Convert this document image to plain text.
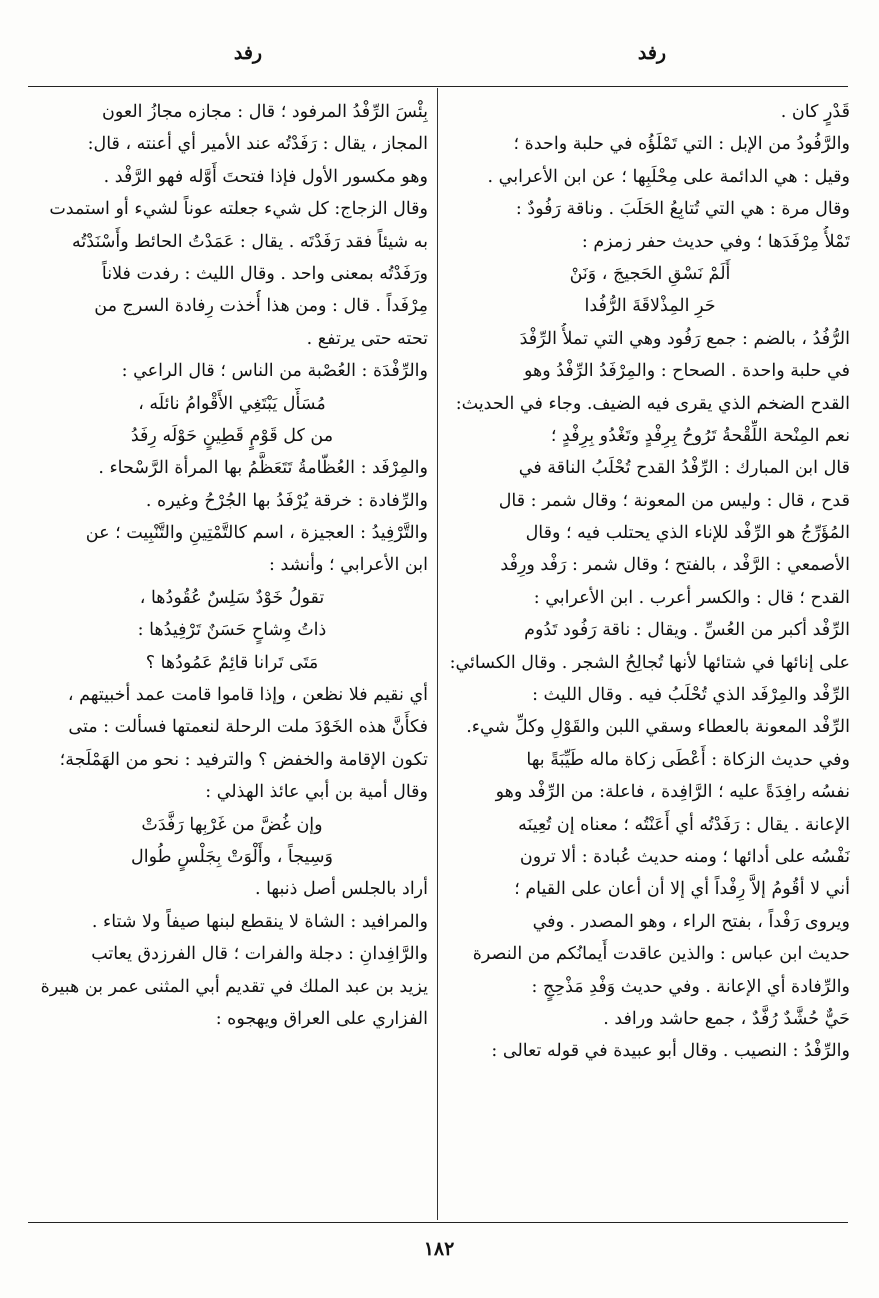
رفد
رفد
قَدْرٍ كان .
والرَّفُودُ من الإبل : التي تَمْلَؤُه في حلبة واحدة ؛
وقيل : هي الدائمة على مِحْلَبِها ؛ عن ابن الأعرابي .
وقال مرة : هي التي تُتابِعُ الحَلَبَ . وناقة رَفُودٌ :
تَمْلأُ مِرْفَدَها ؛ وفي حديث حفر زمزم :
أَلَمْ نَسْقِ الحَجيجَ ، وَنَنْ
حَرِ المِذْلاقَةَ الرُّفُدا
الرُّفُدُ ، بالضم : جمع رَفُود وهي التي تملأُ الرِّفْدَ
في حلبة واحدة . الصحاح : والمِرْفَدُ الرِّفْدُ وهو
القدح الضخم الذي يقرى فيه الضيف. وجاء في الحديث:
نعم المِنْحة اللِّقْحةُ تَرُوحُ بِرِفْدٍ وتَغْدُو بِرِفْدٍ ؛
قال ابن المبارك : الرِّفْدُ القدح تُحْلَبُ الناقة في
قدح ، قال : وليس من المعونة ؛ وقال شمر : قال
المُؤَرِّجُ هو الرِّفْد للإناء الذي يحتلب فيه ؛ وقال
الأصمعي : الرَّفْد ، بالفتح ؛ وقال شمر : رَفْد ورِفْد
القدح ؛ قال : والكسر أعرب . ابن الأعرابي :
الرِّفْد أكبر من العُسِّ . ويقال : ناقة رَفُود تَدُوم
على إنائها في شتائها لأنها تُجالِحُ الشجر . وقال الكسائي:
الرِّفْد والمِرْفَد الذي تُحْلَبُ فيه . وقال الليث :
الرِّفْد المعونة بالعطاء وسقي اللبن والقَوْلِ وكلِّ شيء.
وفي حديث الزكاة : أَعْطَى زكاة ماله طَيِّبَةً بها
نفسُه رافِدَةً عليه ؛ الرَّافِدة ، فاعلة: من الرِّفْد وهو
الإعانة . يقال : رَفَدْتُه أي أَعَنْتُه ؛ معناه إن تُعِينَه
نَفْسُه على أدائها ؛ ومنه حديث عُبادة : ألا ترون
أني لا أقُومُ إلاَّ رِفْداً أي إلا أن أعان على القيام ؛
ويروى رَفْداً ، بفتح الراء ، وهو المصدر . وفي
حديث ابن عباس : والذين عاقدت أَيمانُكم من النصرة
والرِّفادة أي الإعانة . وفي حديث وَفْدِ مَذْحِجٍ :
حَيٌّ حُشَّدٌ رُفَّدٌ ، جمع حاشد ورافد .
والرِّفْدُ : النصيب . وقال أبو عبيدة في قوله تعالى :
بِئْسَ الرِّفْدُ المرفود ؛ قال : مجازه مجازُ العون
المجاز ، يقال : رَفَدْتُه عند الأمير أي أعنته ، قال:
وهو مكسور الأول فإذا فتحتَ أَوَّله فهو الرَّفْد .
وقال الزجاج: كل شيء جعلته عوناً لشيء أو استمدت
به شيئاً فقد رَفَدْتَه . يقال : عَمَدْتُ الحائط وأَسْنَدْتُه
ورَفَدْتُه بمعنى واحد . وقال الليث : رفدت فلاناً
مِرْفَداً . قال : ومن هذا أُخذت رِفادة السرج من
تحته حتى يرتفع .
والرِّفْدَة : العُصْبة من الناس ؛ قال الراعي :
مُسَأَّل يَبْتَغِي الأَقْوامُ نائلَه ،
من كل قَوْمٍ قَطِينٍ حَوْلَه رِفَدُ
والمِرْفَد : العُظّامةُ تَتَعَظَّمُ بها المرأة الرَّسْحاء .
والرِّفادة : خرقة يُرْفَدُ بها الجُرْحُ وغيره .
والتَّرْفِيدُ : العجيزة ، اسم كالتَّمْتِينِ والتَّنْبِيت ؛ عن
ابن الأعرابي ؛ وأنشد :
تقولُ خَوْدٌ سَلِسٌ عُقُودُها ،
ذاتُ وِشاحٍ حَسَنٌ تَرْفِيدُها :
مَتَى تَرانا قائِمٌ عَمُودُها ؟
أي نقيم فلا نظعن ، وإذا قاموا قامت عمد أخبيتهم ،
فكأَنَّ هذه الخَوْدَ ملت الرحلة لنعمتها فسألت : متى
تكون الإقامة والخفض ؟ والترفيد : نحو من الهَمْلَجة؛
وقال أمية بن أبي عائذ الهذلي :
وإن غُضَّ من غَرْبِها رَفَّدَتْ
وَسِيجاً ، وأَلْوَتْ بِجَلْسٍ طُوال
أراد بالجلس أصل ذنبها .
والمرافيد : الشاة لا ينقطع لبنها صيفاً ولا شتاء .
والرَّافِدانِ : دجلة والفرات ؛ قال الفرزدق يعاتب
يزيد بن عبد الملك في تقديم أبي المثنى عمر بن هبيرة
الفزاري على العراق ويهجوه :
١٨٢
